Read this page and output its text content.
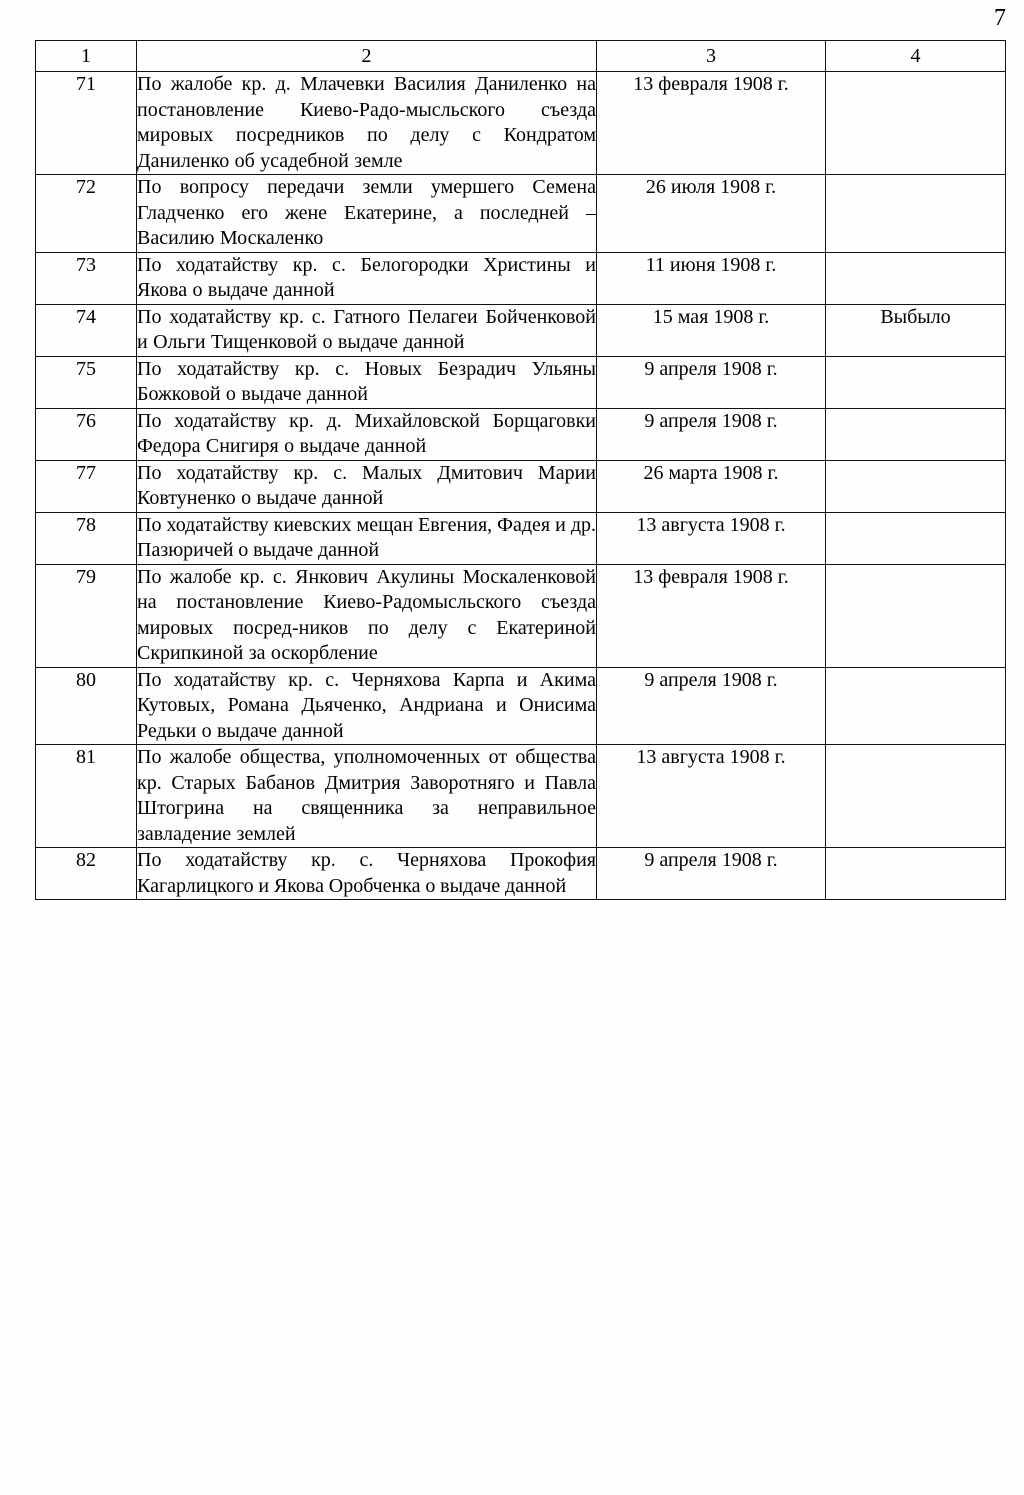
7
1	2	3	4
71	По жалобе кр. д. Млачевки Василия Даниленко на постановление Киево-Радо-мысльского съезда мировых посредников по делу с Кондратом Даниленко об усадебной земле	13 февраля 1908 г.	
72	По вопросу передачи земли умершего Семена Гладченко его жене Екатерине, а последней – Василию Москаленко	26 июля 1908 г.	
73	По ходатайству кр. с. Белогородки Христины и Якова о выдаче данной	11 июня 1908 г.	
74	По ходатайству кр. с. Гатного Пелагеи Бойченковой и Ольги Тищенковой о выдаче данной	15 мая 1908 г.	Выбыло
75	По ходатайству кр. с. Новых Безрадич Ульяны Божковой о выдаче данной	9 апреля 1908 г.	
76	По ходатайству кр. д. Михайловской Борщаговки Федора Снигиря о выдаче данной	9 апреля 1908 г.	
77	По ходатайству кр. с. Малых Дмитович Марии Ковтуненко о выдаче данной	26 марта 1908 г.	
78	По ходатайству киевских мещан Евгения, Фадея и др. Пазюричей о выдаче данной	13 августа 1908 г.	
79	По жалобе кр. с. Янкович Акулины Москаленковой на постановление Киево-Радомысльского съезда мировых посред-ников по делу с Екатериной Скрипкиной за оскорбление	13 февраля 1908 г.	
80	По ходатайству кр. с. Черняхова Карпа и Акима Кутовых, Романа Дьяченко, Андриана и Онисима Редьки о выдаче данной	9 апреля 1908 г.	
81	По жалобе общества, уполномоченных от общества кр. Старых Бабанов Дмитрия Заворотняго и Павла Штогрина на священника за неправильное завладение землей	13 августа 1908 г.	
82	По ходатайству кр. с. Черняхова Прокофия Кагарлицкого и Якова Оробченка о выдаче данной	9 апреля 1908 г.	
